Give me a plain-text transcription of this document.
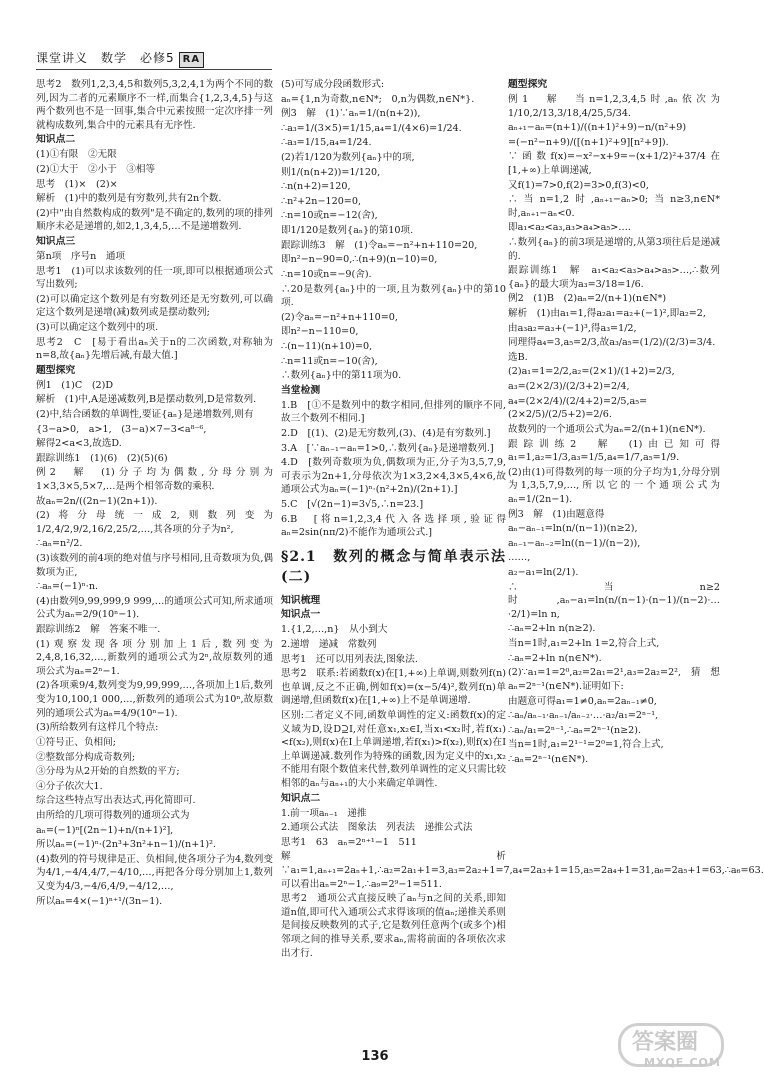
课堂讲义　数学　必修5 RA

思考2　数列1,2,3,4,5和数列5,3,2,4,1为两个不同的数列,因为二者的元素顺序不一样,而集合{1,2,3,4,5}与这两个数列也不是一回事,集合中元素按照一定次序排一列就构成数列,集合中的元素具有无序性.

知识点二

(1)①有限　②无限

(2)①大于　②小于　③相等

思考　(1)×　(2)×

解析　(1)中的数列是有穷数列,共有2n个数.

(2)中"由自然数构成的数列"是不确定的,数列的项的排列顺序未必是递增的,如2,1,3,4,5,…不是递增数列.

知识点三

第n项　序号n　通项

思考1　(1)可以求该数列的任一项,即可以根据通项公式写出数列;

(2)可以确定这个数列是有穷数列还是无穷数列,可以确定这个数列是递增(减)数列或是摆动数列;

(3)可以确定这个数列中的项.

思考2　C　[易于看出aₙ关于n的二次函数,对称轴为n=8,故{aₙ}先增后减,有最大值.]

题型探究

例1　(1)C　(2)D

解析　(1)中,A是递减数列,B是摆动数列,D是常数列.

(2)中,结合函数的单调性,要证{aₙ}是递增数列,则有

{3−a>0,　a>1,　(3−a)×7−3<a⁸⁻⁶,

解得2<a<3,故选D.

跟踪训练1　(1)(6)　(2)(5)(6)

例2　解　(1)分子均为偶数,分母分别为1×3,3×5,5×7,…是两个相邻奇数的乘积.

故aₙ=2n/((2n−1)(2n+1)).

(2)将分母统一成2,则数列变为1/2,4/2,9/2,16/2,25/2,…,其各项的分子为n²,

∴aₙ=n²/2.

(3)该数列的前4项的绝对值与序号相同,且奇数项为负,偶数项为正,

∴aₙ=(−1)ⁿ·n.

(4)由数列9,99,999,9 999,…的通项公式可知,所求通项公式为aₙ=2/9(10ⁿ−1).

跟踪训练2　解　答案不唯一.

(1)观察发现各项分别加上1后,数列变为2,4,8,16,32,…,新数列的通项公式为2ⁿ,故原数列的通项公式为aₙ=2ⁿ−1.

(2)各项乘9/4,数列变为9,99,999,…,各项加上1后,数列变为10,100,1 000,…,新数列的通项公式为10ⁿ,故原数列的通项公式为aₙ=4/9(10ⁿ−1).

(3)所给数列有这样几个特点:

①符号正、负相间;

②整数部分构成奇数列;

③分母为从2开始的自然数的平方;

④分子依次大1.

综合这些特点写出表达式,再化简即可.

由所给的几项可得数列的通项公式为

aₙ=(−1)ⁿ[(2n−1)+n/(n+1)²],

所以aₙ=(−1)ⁿ·(2n³+3n²+n−1)/(n+1)².

(4)数列的符号规律是正、负相间,使各项分子为4,数列变为4/1,−4/4,4/7,−4/10,…,再把各分母分别加上1,数列又变为4/3,−4/6,4/9,−4/12,…,

所以aₙ=4×(−1)ⁿ⁺¹/(3n−1).

(5)可写成分段函数形式:

aₙ={1,n为奇数,n∈N*;　0,n为偶数,n∈N*}.

例3　解　(1)∵aₙ=1/(n(n+2)),

∴a₃=1/(3×5)=1/15,a₄=1/(4×6)=1/24.

∴a₃=1/15,a₄=1/24.

(2)若1/120为数列{aₙ}中的项,

则1/(n(n+2))=1/120,

∴n(n+2)=120,

∴n²+2n−120=0,

∴n=10或n=−12(舍),

即1/120是数列{aₙ}的第10项.

跟踪训练3　解　(1)令aₙ=−n²+n+110=20,

即n²−n−90=0,∴(n+9)(n−10)=0,

∴n=10或n=−9(舍).

∴20是数列{aₙ}中的一项,且为数列{aₙ}中的第10项.

(2)令aₙ=−n²+n+110=0,

即n²−n−110=0,

∴(n−11)(n+10)=0,

∴n=11或n=−10(舍),

∴数列{aₙ}中的第11项为0.

当堂检测

1.B　[①不是数列中的数字相同,但排列的顺序不同,故三个数列不相同.]

2.D　[(1)、(2)是无穷数列,(3)、(4)是有穷数列.]

3.A　[∵aₙ₋₁−aₙ=1>0,∴数列{aₙ}是递增数列.]

4.D　[数列奇数项为负,偶数项为正,分子为3,5,7,9,可表示为2n+1,分母依次为1×3,2×4,3×5,4×6,故通项公式为aₙ=(−1)ⁿ·(n²+2n)/(2n+1).]

5.C　[√(2n−1)=3√5,∴n=23.]

6.B　[将n=1,2,3,4代入各选择项,验证得aₙ=2sin(nπ/2)不能作为通项公式.]

§2.1　数列的概念与简单表示法(二)

知识梳理

知识点一

1.{1,2,…,n}　从小到大

2.递增　递减　常数列

思考1　还可以用列表法,图象法.

思考2　联系:若函数f(x)在[1,+∞)上单调,则数列f(n)也单调,反之不正确,例如f(x)=(x−5/4)²,数列f(n)单调递增,但函数f(x)在[1,+∞)上不是单调递增.

区别:二者定义不同,函数单调性的定义:函数f(x)的定义域为D,设D⊇I,对任意x₁,x₂∈I,当x₁<x₂时,若f(x₁)<f(x₂),则f(x)在I上单调递增,若f(x₁)>f(x₂),则f(x)在I上单调递减.数列作为特殊的函数,因为定义中的x₁,x₂不能用有限个数值来代替,数列单调性的定义只需比较相邻的aₙ与aₙ₊₁的大小来确定单调性.

知识点二

1.前一项aₙ₋₁　递推

2.通项公式法　图象法　列表法　递推公式法

思考1　63　aₙ=2ⁿ⁺¹−1　511

解析　∵a₁=1,aₙ₊₁=2aₙ+1,∴a₂=2a₁+1=3,a₃=2a₂+1=7,a₄=2a₃+1=15,a₅=2a₄+1=31,a₆=2a₅+1=63,∴a₆=63.可以看出aₙ=2ⁿ−1,∴a₉=2⁹−1=511.

思考2　通项公式直接反映了aₙ与n之间的关系,即知道n值,即可代入通项公式求得该项的值aₙ;递推关系则是间接反映数列的式子,它是数列任意两个(或多个)相邻项之间的推导关系,要求aₙ,需将前面的各项依次求出才行.

题型探究

例1　解　当n=1,2,3,4,5时,aₙ依次为1/10,2/13,3/18,4/25,5/34.

aₙ₊₁−aₙ=(n+1)/((n+1)²+9)−n/(n²+9)

=(−n²−n+9)/([(n+1)²+9][n²+9]).

∵函数f(x)=−x²−x+9=−(x+1/2)²+37/4在[1,+∞)上单调递减,

又f(1)=7>0,f(2)=3>0,f(3)<0,

∴当n=1,2时,aₙ₊₁−aₙ>0;当n≥3,n∈N*时,aₙ₊₁−aₙ<0.

即a₁<a₂<a₃,a₃>a₄>a₅>….

∴数列{aₙ}的前3项是递增的,从第3项往后是递减的.

跟踪训练1　解　a₁<a₂<a₃>a₄>a₅>…,∴数列{aₙ}的最大项为a₃=3/18=1/6.

例2　(1)B　(2)aₙ=2/(n+1)(n∈N*)

解析　(1)由a₁=1,得a₂a₁=a₂+(−1)²,即a₂=2,

由a₃a₂=a₃+(−1)³,得a₃=1/2,

同理得a₄=3,a₅=2/3,故a₃/a₅=(1/2)/(2/3)=3/4.

选B.

(2)a₁=1=2/2,a₂=(2×1)/(1+2)=2/3,

a₃=(2×2/3)/(2/3+2)=2/4,

a₄=(2×2/4)/(2/4+2)=2/5,a₅=(2×2/5)/(2/5+2)=2/6.

故数列的一个通项公式为aₙ=2/(n+1)(n∈N*).

跟踪训练2　解　(1)由已知可得a₁=1,a₂=1/3,a₃=1/5,a₄=1/7,a₅=1/9.

(2)由(1)可得数列的每一项的分子均为1,分母分别为1,3,5,7,9,…,所以它的一个通项公式为aₙ=1/(2n−1).

例3　解　(1)由题意得

aₙ−aₙ₋₁=ln(n/(n−1))(n≥2),

aₙ₋₁−aₙ₋₂=ln((n−1)/(n−2)),

……,

a₂−a₁=ln(2/1).

∴当n≥2时,aₙ−a₁=ln(n/(n−1)·(n−1)/(n−2)·…·2/1)=ln n,

∴aₙ=2+ln n(n≥2).

当n=1时,a₁=2+ln 1=2,符合上式,

∴aₙ=2+ln n(n∈N*).

(2)∵a₁=1=2⁰,a₂=2a₁=2¹,a₃=2a₂=2²,猜想aₙ=2ⁿ⁻¹(n∈N*).证明如下:

由题意可得a₁=1≠0,aₙ=2aₙ₋₁≠0,

∴aₙ/aₙ₋₁·aₙ₋₁/aₙ₋₂·…·a₂/a₁=2ⁿ⁻¹,

∴aₙ/a₁=2ⁿ⁻¹,∴aₙ=2ⁿ⁻¹(n≥2).

当n=1时,a₁=2¹⁻¹=2⁰=1,符合上式,

∴aₙ=2ⁿ⁻¹(n∈N*).

136
答案圈
MXQE.COM
